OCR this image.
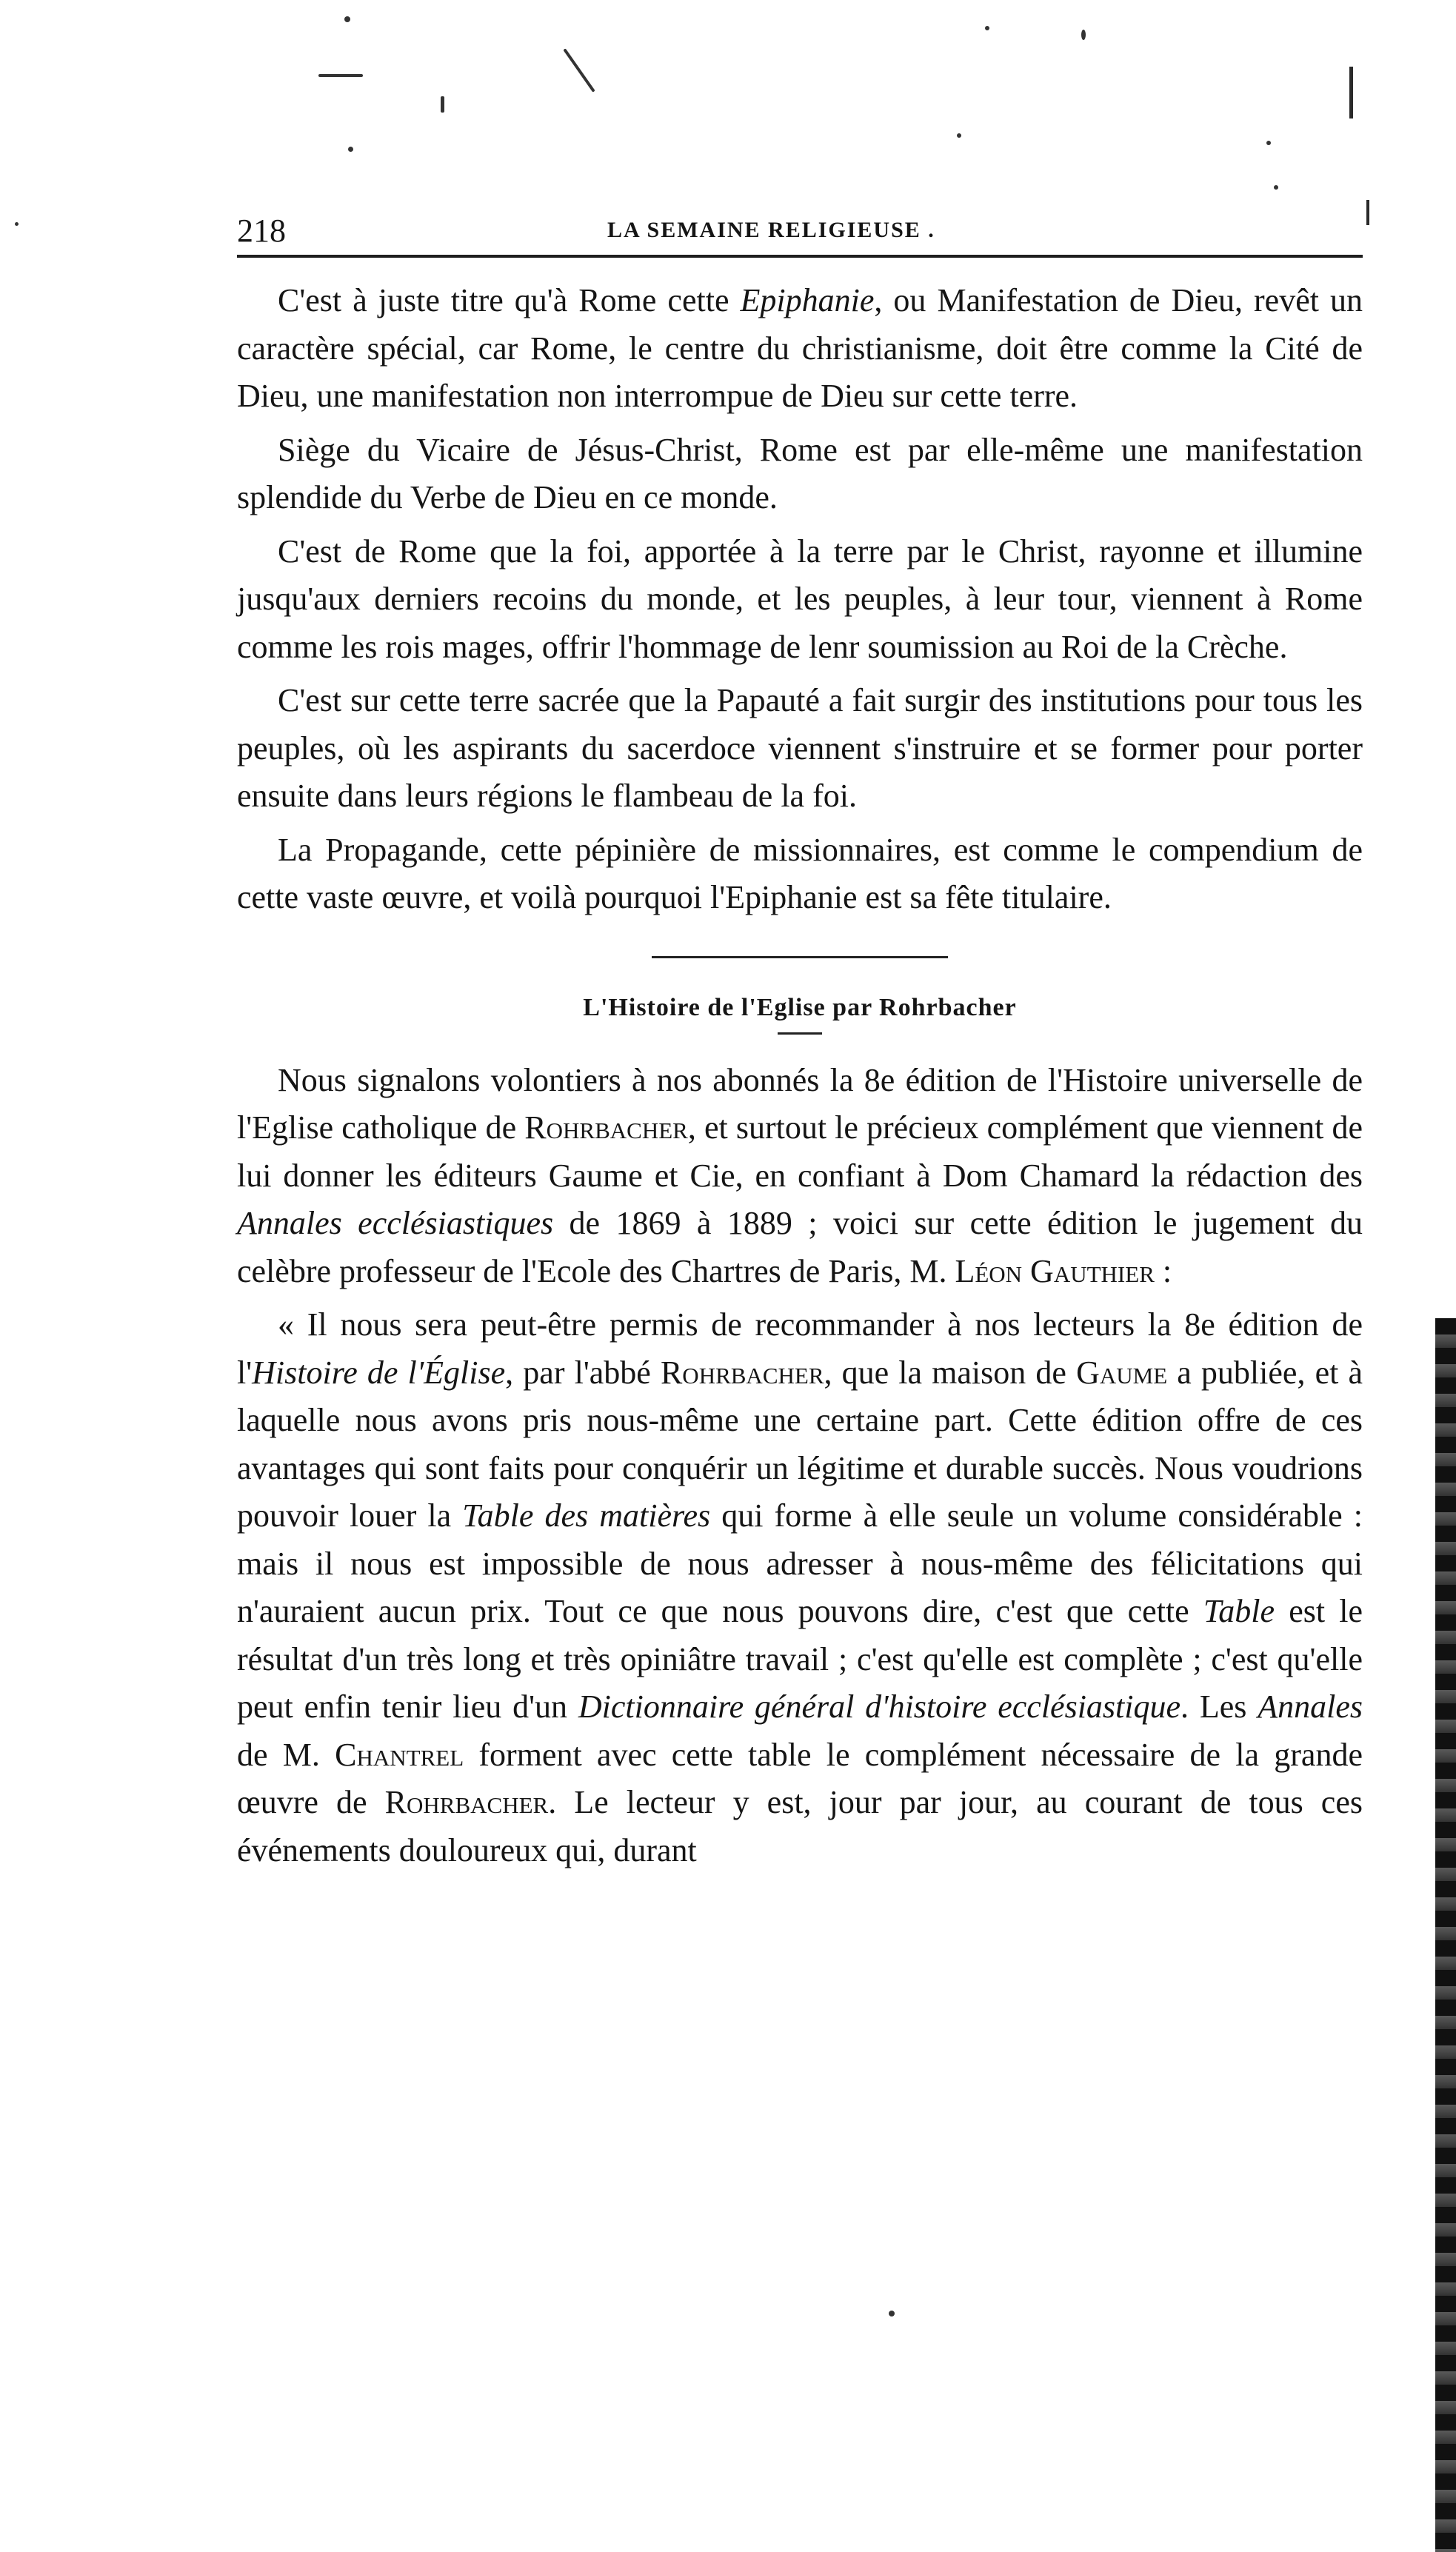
218	LA SEMAINE RELIGIEUSE .

C'est à juste titre qu'à Rome cette Epiphanie, ou Manifestation de Dieu, revêt un caractère spécial, car Rome, le centre du christianisme, doit être comme la Cité de Dieu, une manifestation non interrompue de Dieu sur cette terre.

Siège du Vicaire de Jésus-Christ, Rome est par elle-même une manifestation splendide du Verbe de Dieu en ce monde.

C'est de Rome que la foi, apportée à la terre par le Christ, rayonne et illumine jusqu'aux derniers recoins du monde, et les peuples, à leur tour, viennent à Rome comme les rois mages, offrir l'hommage de lenr soumission au Roi de la Crèche.

C'est sur cette terre sacrée que la Papauté a fait surgir des institutions pour tous les peuples, où les aspirants du sacerdoce viennent s'instruire et se former pour porter ensuite dans leurs régions le flambeau de la foi.

La Propagande, cette pépinière de missionnaires, est comme le compendium de cette vaste œuvre, et voilà pourquoi l'Epiphanie est sa fête titulaire.

L'Histoire de l'Eglise par Rohrbacher

Nous signalons volontiers à nos abonnés la 8e édition de l'Histoire universelle de l'Eglise catholique de Rohrbacher, et surtout le précieux complément que viennent de lui donner les éditeurs Gaume et Cie, en confiant à Dom Chamard la rédaction des Annales ecclésiastiques de 1869 à 1889 ; voici sur cette édition le jugement du celèbre professeur de l'Ecole des Chartres de Paris, M. Léon Gauthier :

« Il nous sera peut-être permis de recommander à nos lecteurs la 8e édition de l'Histoire de l'Église, par l'abbé Rohrbacher, que la maison de Gaume a publiée, et à laquelle nous avons pris nous-même une certaine part. Cette édition offre de ces avantages qui sont faits pour conquérir un légitime et durable succès. Nous voudrions pouvoir louer la Table des matières qui forme à elle seule un volume considérable : mais il nous est impossible de nous adresser à nous-même des félicitations qui n'auraient aucun prix. Tout ce que nous pouvons dire, c'est que cette Table est le résultat d'un très long et très opiniâtre travail ; c'est qu'elle est complète ; c'est qu'elle peut enfin tenir lieu d'un Dictionnaire général d'histoire ecclésiastique. Les Annales de M. Chantrel forment avec cette table le complément nécessaire de la grande œuvre de Rohrbacher. Le lecteur y est, jour par jour, au courant de tous ces événements douloureux qui, durant
